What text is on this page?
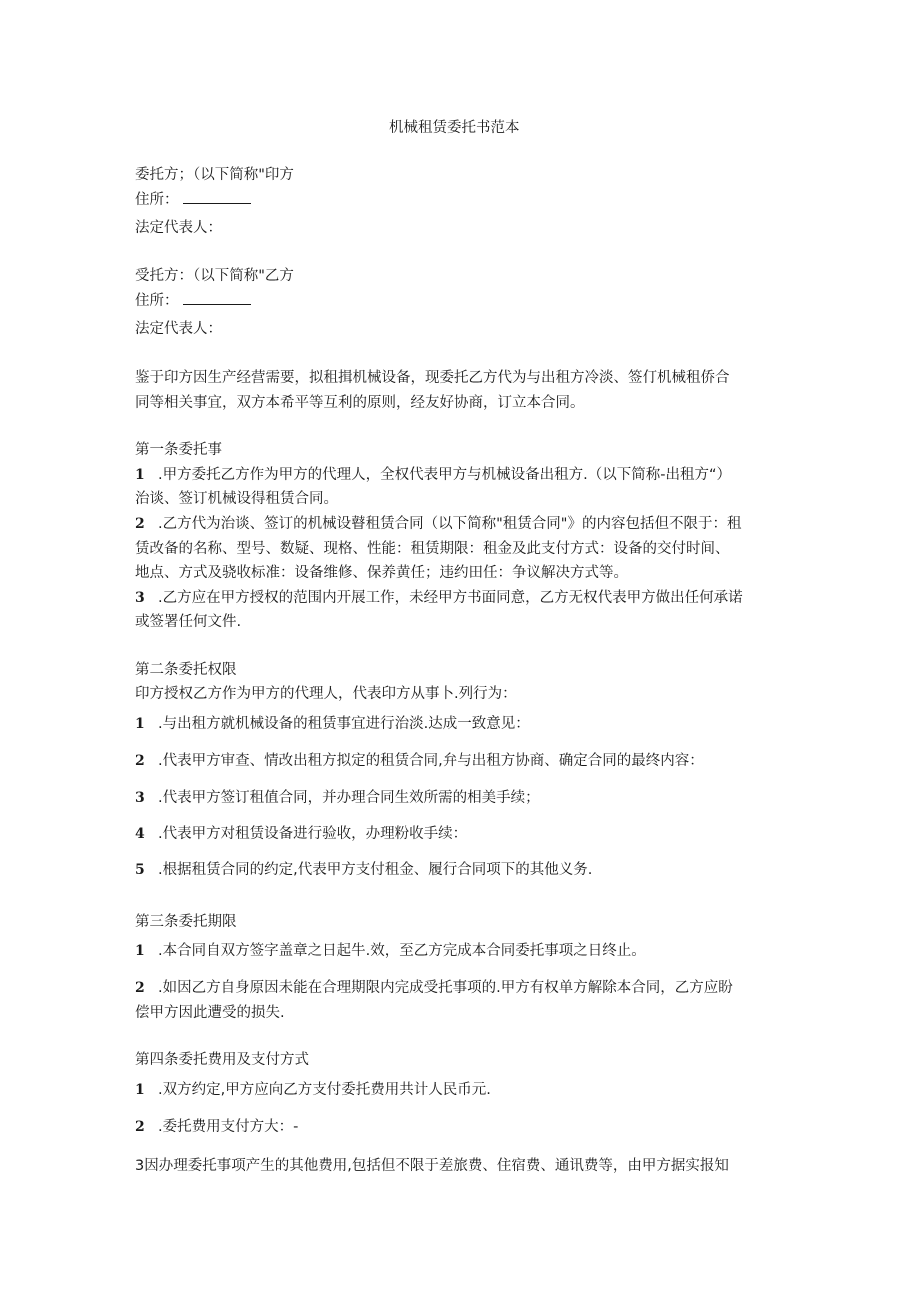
机械租赁委托书范本
委托方；（以下简称"印方
住所：
法定代表人：
受托方：（以下简称"乙方
住所：
法定代表人：
鉴于印方因生产经营需要，拟租揖机械设备，现委托乙方代为与出租方冷淡、签仃机械租侨合
同等相关事宜，双方本希平等互利的原则，经友好协商，订立本合同。
第一条委托事
1 .甲方委托乙方作为甲方的代理人，全权代表甲方与机械设备出租方.（以下简称-出租方“）
治谈、签订机械设得租赁合同。
2 .乙方代为治谈、签订的机械设瞽租赁合同（以下简称"租赁合同"》的内容包括但不限于：租
赁改备的名称、型号、数疑、现格、性能：租赁期限：租金及此支付方式：设备的交付时间、
地点、方式及骁收标准：设备维修、保养黄任；违约田任：争议解决方式等。
3 .乙方应在甲方授权的范围内开展工作，未经甲方书面同意，乙方无权代表甲方做出任何承诺
或签署任何文件.
第二条委托权限
印方授权乙方作为甲方的代理人，代表印方从事卜.列行为：
1 .与出租方就机械设备的租赁事宜进行治淡.达成一致意见：
2 .代表甲方审查、情改出租方拟定的租赁合同,弁与出租方协商、确定合同的最终内容：
3 .代表甲方签订租值合同，并办理合同生效所需的相美手续；
4 .代表甲方对租赁设备进行验收，办理粉收手续：
5 .根据租赁合同的约定,代表甲方支付租金、履行合同项下的其他义务.
第三条委托期限
1 .本合同自双方签字盖章之日起牛.效，至乙方完成本合同委托事项之日终止。
2 .如因乙方自身原因未能在合理期限内完成受托事项的.甲方有权单方解除本合同，乙方应盼
偿甲方因此遭受的损失.
第四条委托费用及支付方式
1 .双方约定,甲方应向乙方支付委托费用共计人民币元.
2 .委托费用支付方大：-
3因办理委托事项产生的其他费用,包括但不限于差旅费、住宿费、通讯费等，由甲方据实报知
